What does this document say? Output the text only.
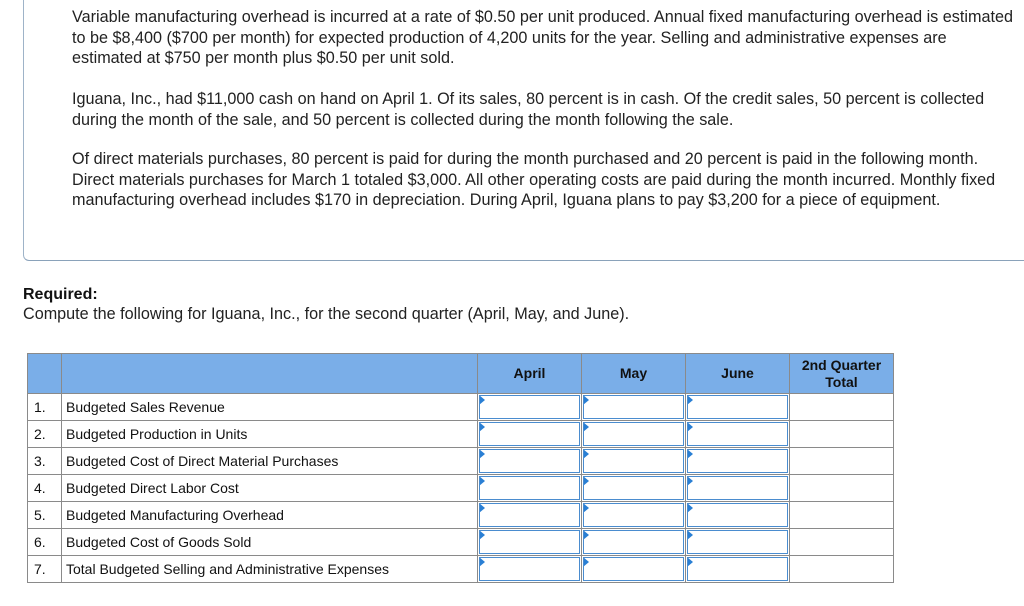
Variable manufacturing overhead is incurred at a rate of $0.50 per unit produced. Annual fixed manufacturing overhead is estimated to be $8,400 ($700 per month) for expected production of 4,200 units for the year. Selling and administrative expenses are estimated at $750 per month plus $0.50 per unit sold.

Iguana, Inc., had $11,000 cash on hand on April 1. Of its sales, 80 percent is in cash. Of the credit sales, 50 percent is collected during the month of the sale, and 50 percent is collected during the month following the sale.

Of direct materials purchases, 80 percent is paid for during the month purchased and 20 percent is paid in the following month. Direct materials purchases for March 1 totaled $3,000. All other operating costs are paid during the month incurred. Monthly fixed manufacturing overhead includes $170 in depreciation. During April, Iguana plans to pay $3,200 for a piece of equipment.

Required:
Compute the following for Iguana, Inc., for the second quarter (April, May, and June).
		April	May	June	2nd Quarter
Total
1.	Budgeted Sales Revenue				
2.	Budgeted Production in Units				
3.	Budgeted Cost of Direct Material Purchases				
4.	Budgeted Direct Labor Cost				
5.	Budgeted Manufacturing Overhead				
6.	Budgeted Cost of Goods Sold				
7.	Total Budgeted Selling and Administrative Expenses				
